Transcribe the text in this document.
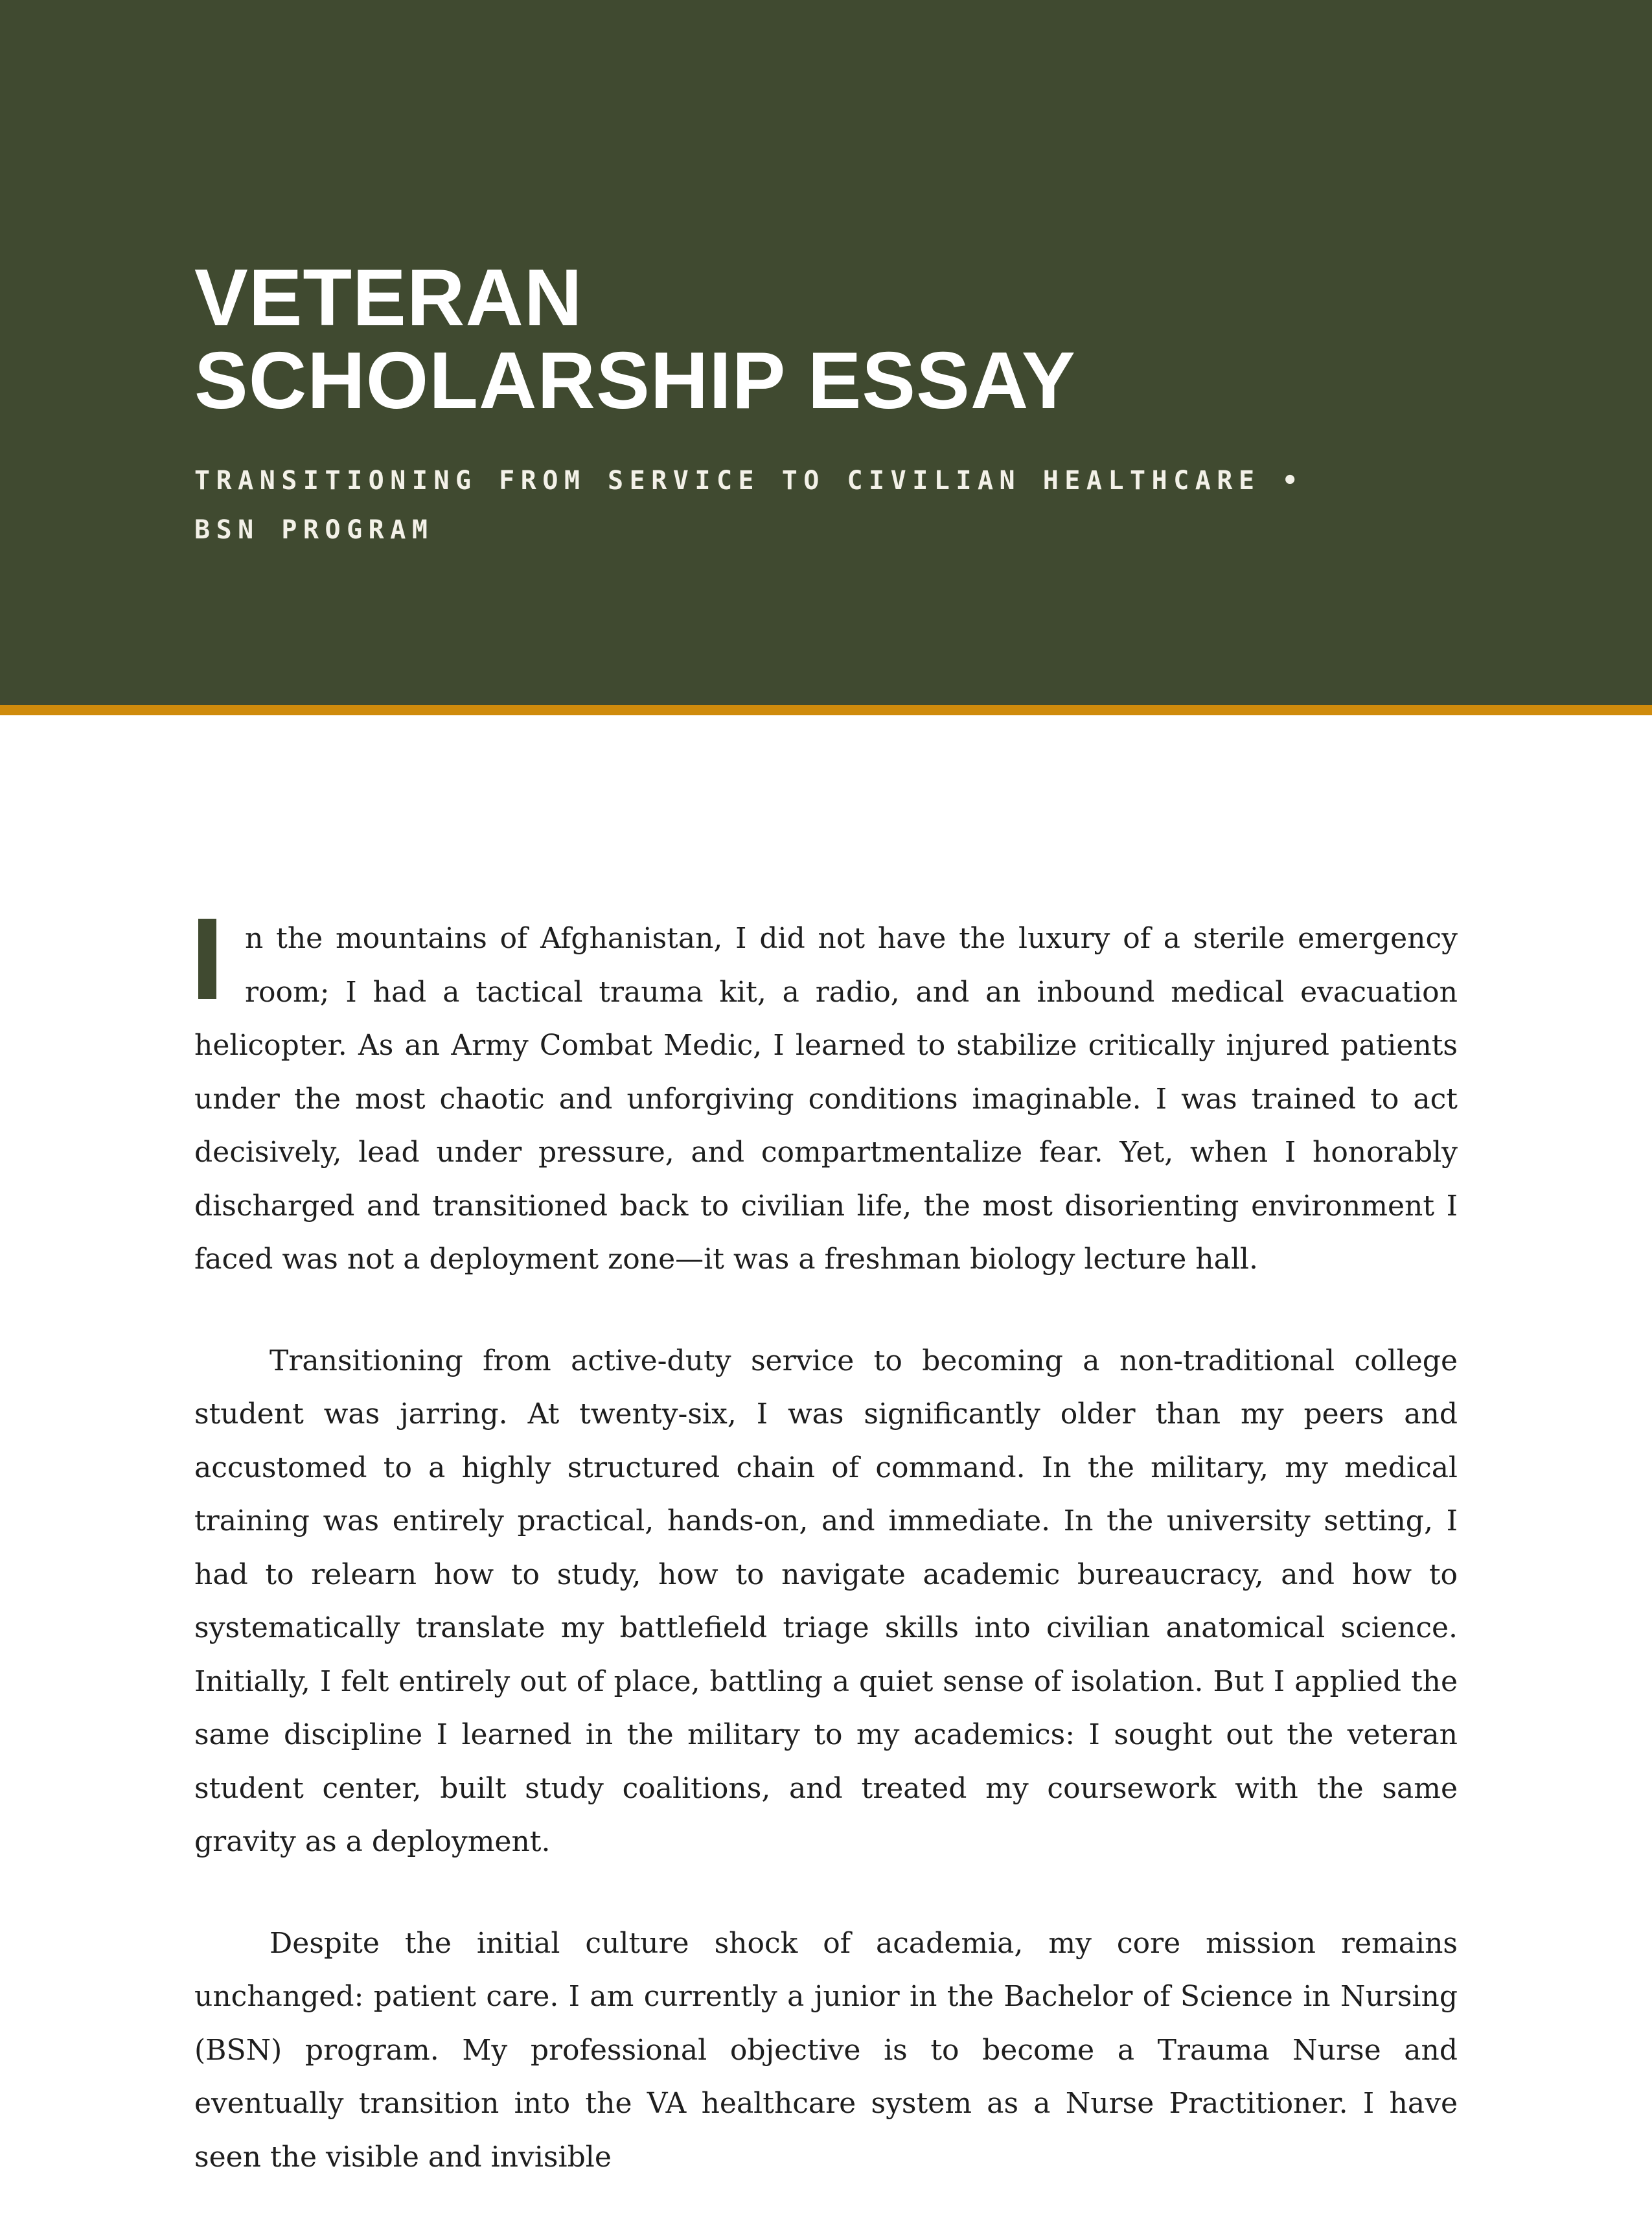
VETERAN
SCHOLARSHIP ESSAY
TRANSITIONING FROM SERVICE TO CIVILIAN HEALTHCARE • BSN PROGRAM

n the mountains of Afghanistan, I did not have the luxury of a sterile emergency room; I had a tactical trauma kit, a radio, and an inbound medical evacuation helicopter. As an Army Combat Medic, I learned to stabilize critically injured patients under the most chaotic and unforgiving conditions imaginable. I was trained to act decisively, lead under pressure, and compartmentalize fear. Yet, when I honorably discharged and transitioned back to civilian life, the most disorienting environment I faced was not a deployment zone—it was a freshman biology lecture hall.

Transitioning from active-duty service to becoming a non-traditional college student was jarring. At twenty-six, I was significantly older than my peers and accustomed to a highly structured chain of command. In the military, my medical training was entirely practical, hands-on, and immediate. In the university setting, I had to relearn how to study, how to navigate academic bureaucracy, and how to systematically translate my battlefield triage skills into civilian anatomical science. Initially, I felt entirely out of place, battling a quiet sense of isolation. But I applied the same discipline I learned in the military to my academics: I sought out the veteran student center, built study coalitions, and treated my coursework with the same gravity as a deployment.

Despite the initial culture shock of academia, my core mission remains unchanged: patient care. I am currently a junior in the Bachelor of Science in Nursing (BSN) program. My professional objective is to become a Trauma Nurse and eventually transition into the VA healthcare system as a Nurse Practitioner. I have seen the visible and invisible
